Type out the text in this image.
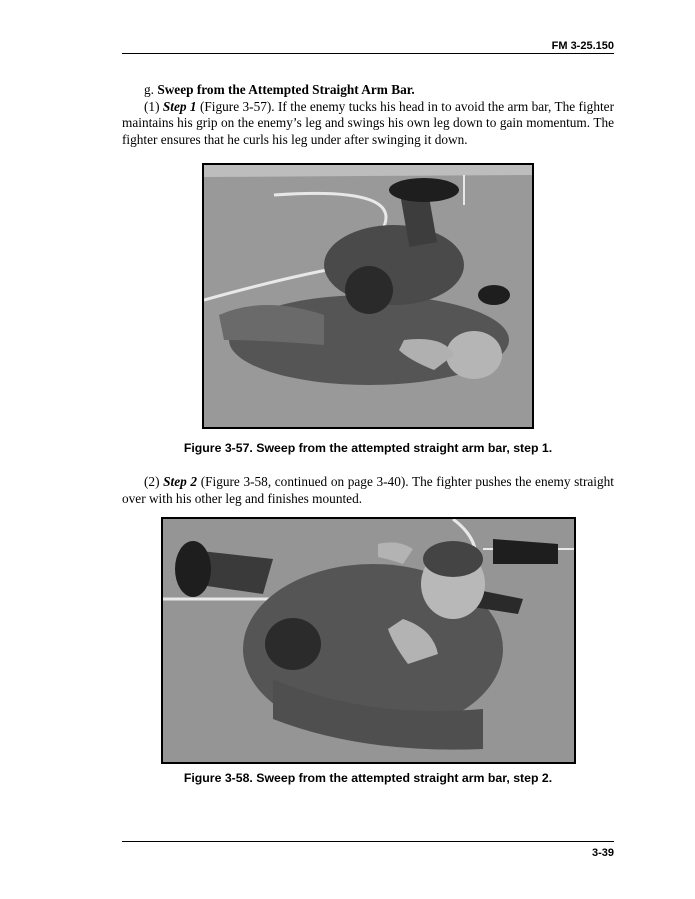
FM 3-25.150
g. Sweep from the Attempted Straight Arm Bar.
(1) Step 1 (Figure 3-57). If the enemy tucks his head in to avoid the arm bar, The fighter maintains his grip on the enemy’s leg and swings his own leg down to gain momentum. The fighter ensures that he curls his leg under after swinging it down.
Figure 3-57. Sweep from the attempted straight arm bar, step 1.
(2) Step 2 (Figure 3-58, continued on page 3-40). The fighter pushes the enemy straight over with his other leg and finishes mounted.
Figure 3-58. Sweep from the attempted straight arm bar, step 2.
3-39
